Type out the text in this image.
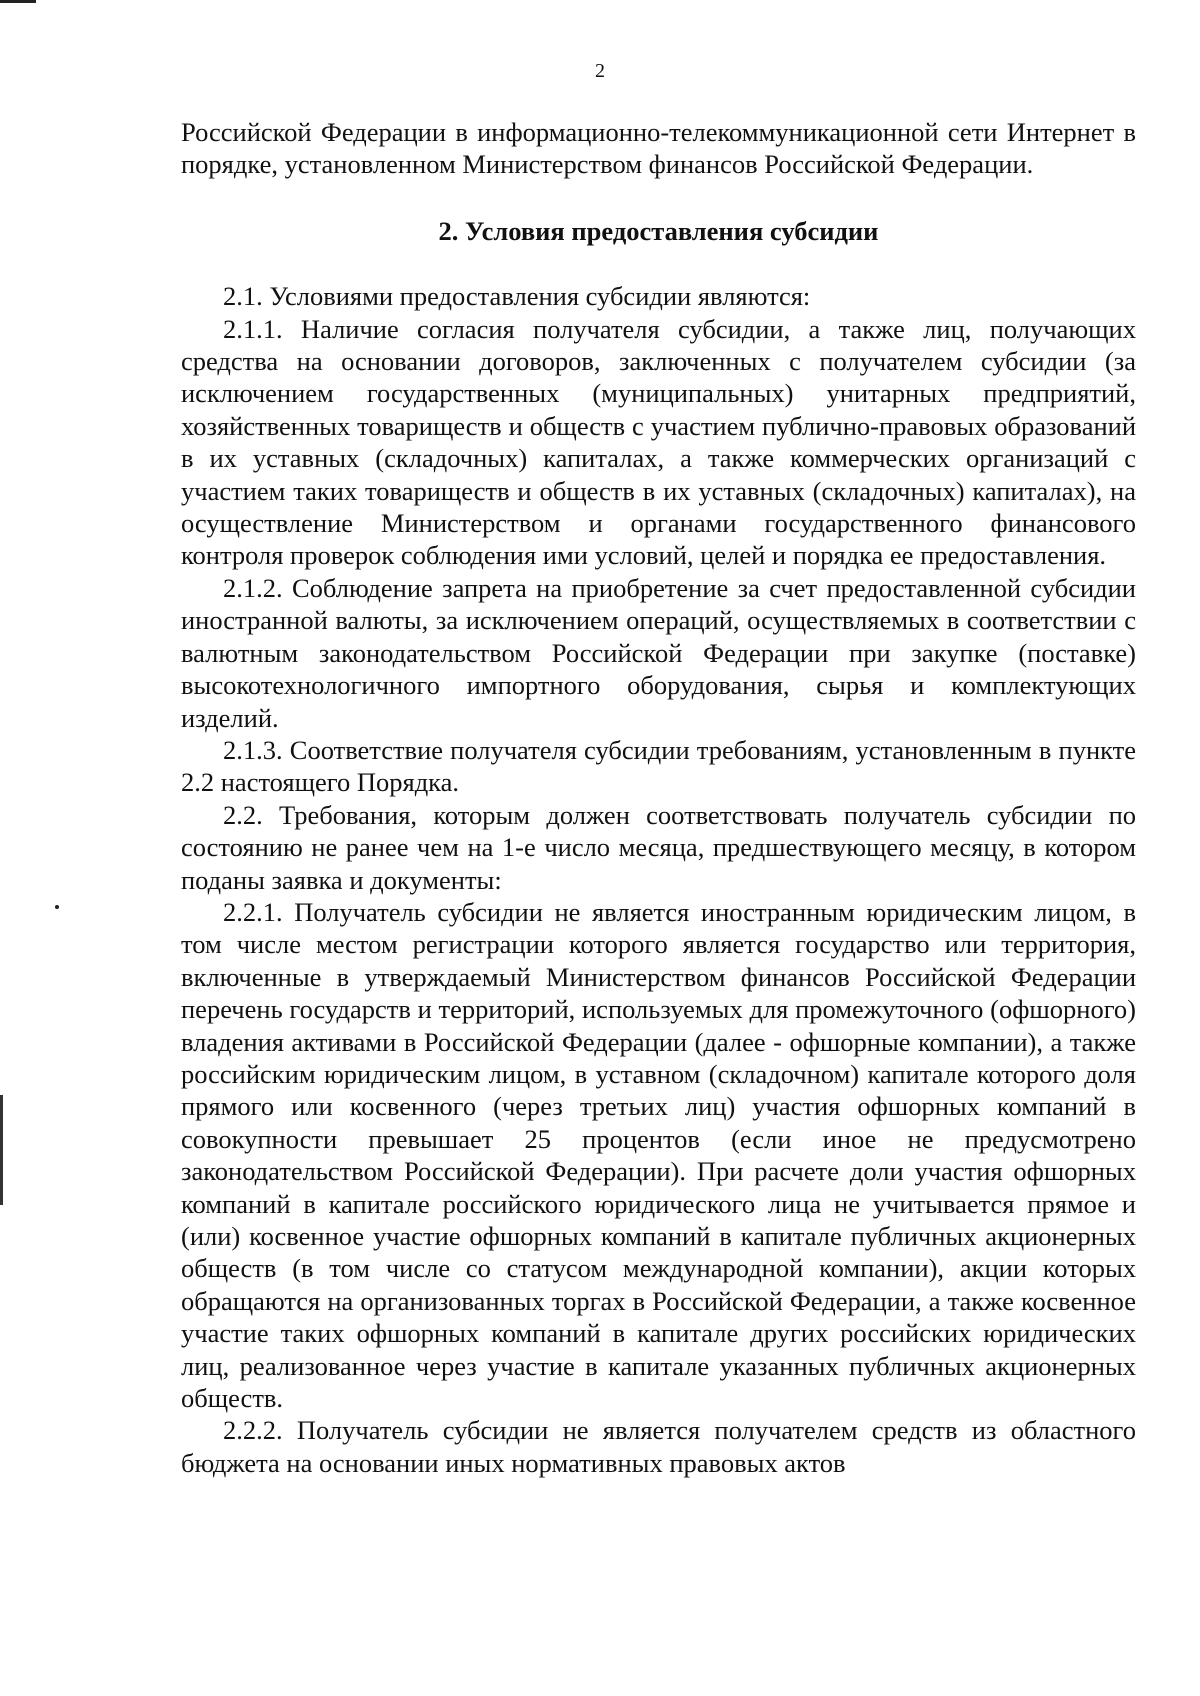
2

Российской Федерации в информационно-телекоммуникационной сети Интернет в порядке, установленном Министерством финансов Российской Федерации.

2. Условия предоставления субсидии

2.1. Условиями предоставления субсидии являются:

2.1.1. Наличие согласия получателя субсидии, а также лиц, получающих средства на основании договоров, заключенных с получателем субсидии (за исключением государственных (муниципальных) унитарных предприятий, хозяйственных товариществ и обществ с участием публично-правовых образований в их уставных (складочных) капиталах, а также коммерческих организаций с участием таких товариществ и обществ в их уставных (складочных) капиталах), на осуществление Министерством и органами государственного финансового контроля проверок соблюдения ими условий, целей и порядка ее предоставления.

2.1.2. Соблюдение запрета на приобретение за счет предоставленной субсидии иностранной валюты, за исключением операций, осуществляемых в соответствии с валютным законодательством Российской Федерации при закупке (поставке) высокотехнологичного импортного оборудования, сырья и комплектующих изделий.

2.1.3. Соответствие получателя субсидии требованиям, установленным в пункте 2.2 настоящего Порядка.

2.2. Требования, которым должен соответствовать получатель субсидии по состоянию не ранее чем на 1-е число месяца, предшествующего месяцу, в котором поданы заявка и документы:

2.2.1. Получатель субсидии не является иностранным юридическим лицом, в том числе местом регистрации которого является государство или территория, включенные в утверждаемый Министерством финансов Российской Федерации перечень государств и территорий, используемых для промежуточного (офшорного) владения активами в Российской Федерации (далее - офшорные компании), а также российским юридическим лицом, в уставном (складочном) капитале которого доля прямого или косвенного (через третьих лиц) участия офшорных компаний в совокупности превышает 25 процентов (если иное не предусмотрено законодательством Российской Федерации). При расчете доли участия офшорных компаний в капитале российского юридического лица не учитывается прямое и (или) косвенное участие офшорных компаний в капитале публичных акционерных обществ (в том числе со статусом международной компании), акции которых обращаются на организованных торгах в Российской Федерации, а также косвенное участие таких офшорных компаний в капитале других российских юридических лиц, реализованное через участие в капитале указанных публичных акционерных обществ.

2.2.2. Получатель субсидии не является получателем средств из областного бюджета на основании иных нормативных правовых актов
